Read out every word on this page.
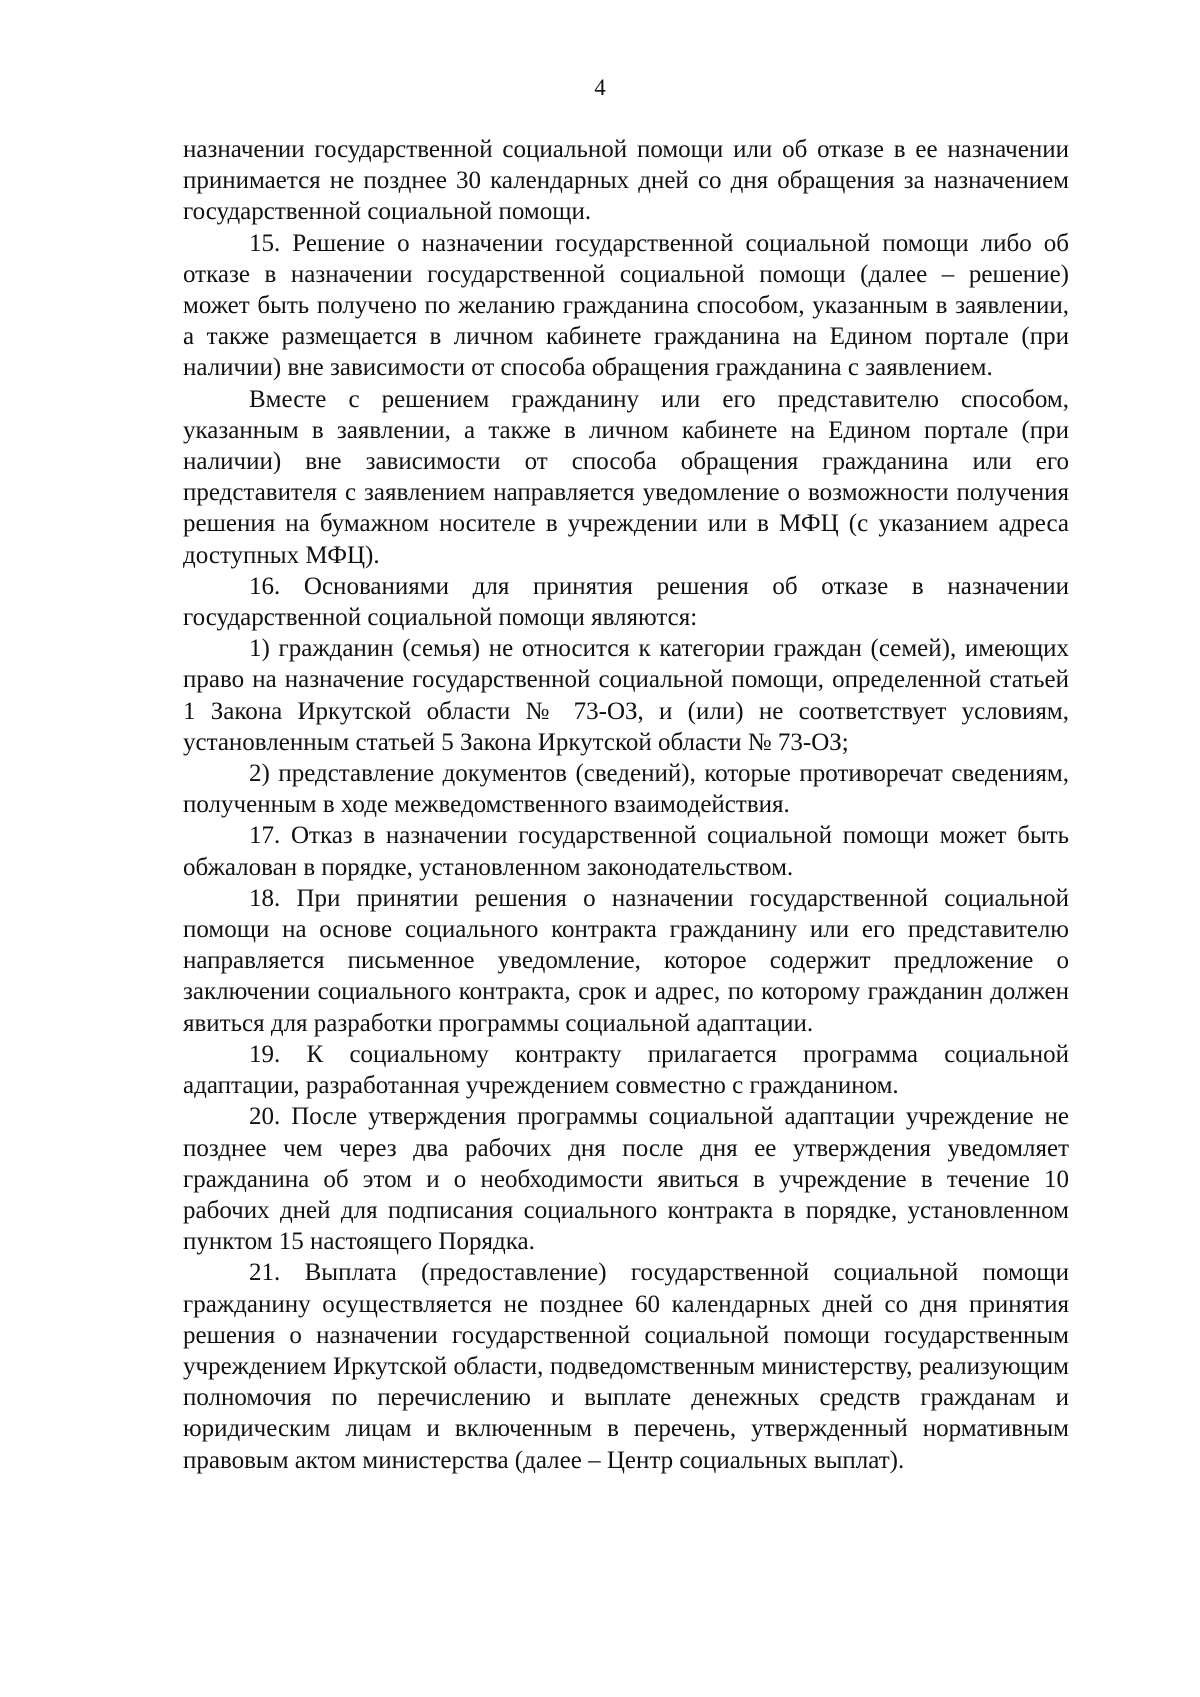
4

назначении государственной социальной помощи или об отказе в ее назначении принимается не позднее 30 календарных дней со дня обращения за назначением государственной социальной помощи.

15. Решение о назначении государственной социальной помощи либо об отказе в назначении государственной социальной помощи (далее – решение) может быть получено по желанию гражданина способом, указанным в заявлении, а также размещается в личном кабинете гражданина на Едином портале (при наличии) вне зависимости от способа обращения гражданина с заявлением.

Вместе с решением гражданину или его представителю способом, указанным в заявлении, а также в личном кабинете на Едином портале (при наличии) вне зависимости от способа обращения гражданина или его представителя с заявлением направляется уведомление о возможности получения решения на бумажном носителе в учреждении или в МФЦ (с указанием адреса доступных МФЦ).

16. Основаниями для принятия решения об отказе в назначении государственной социальной помощи являются:

1) гражданин (семья) не относится к категории граждан (семей), имеющих право на назначение государственной социальной помощи, определенной статьей 1 Закона Иркутской области № 73-ОЗ, и (или) не соответствует условиям, установленным статьей 5 Закона Иркутской области № 73-ОЗ;

2) представление документов (сведений), которые противоречат сведениям, полученным в ходе межведомственного взаимодействия.

17. Отказ в назначении государственной социальной помощи может быть обжалован в порядке, установленном законодательством.

18. При принятии решения о назначении государственной социальной помощи на основе социального контракта гражданину или его представителю направляется письменное уведомление, которое содержит предложение о заключении социального контракта, срок и адрес, по которому гражданин должен явиться для разработки программы социальной адаптации.

19. К социальному контракту прилагается программа социальной адаптации, разработанная учреждением совместно с гражданином.

20. После утверждения программы социальной адаптации учреждение не позднее чем через два рабочих дня после дня ее утверждения уведомляет гражданина об этом и о необходимости явиться в учреждение в течение 10 рабочих дней для подписания социального контракта в порядке, установленном пунктом 15 настоящего Порядка.

21. Выплата (предоставление) государственной социальной помощи гражданину осуществляется не позднее 60 календарных дней со дня принятия решения о назначении государственной социальной помощи государственным учреждением Иркутской области, подведомственным министерству, реализующим полномочия по перечислению и выплате денежных средств гражданам и юридическим лицам и включенным в перечень, утвержденный нормативным правовым актом министерства (далее – Центр социальных выплат).
